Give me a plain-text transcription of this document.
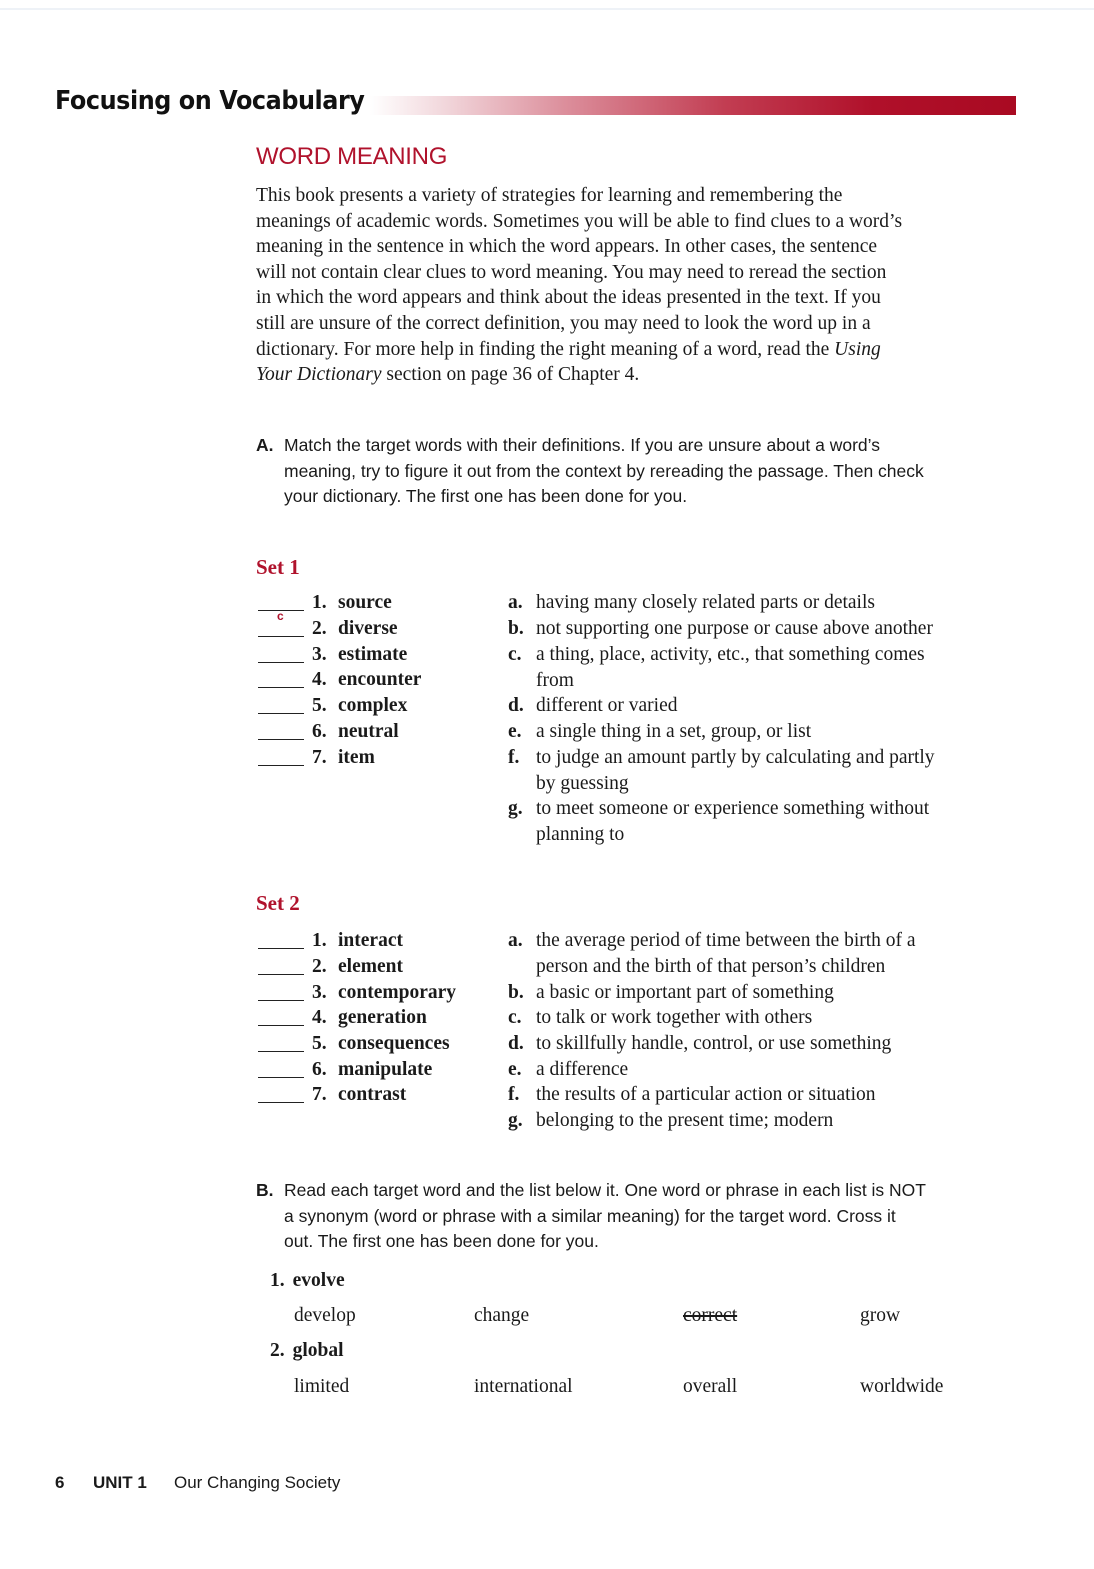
Focusing on Vocabulary
WORD MEANING

This book presents a variety of strategies for learning and remembering the

meanings of academic words. Sometimes you will be able to find clues to a word’s

meaning in the sentence in which the word appears. In other cases, the sentence

will not contain clear clues to word meaning. You may need to reread the section

in which the word appears and think about the ideas presented in the text. If you

still are unsure of the correct definition, you may need to look the word up in a

dictionary. For more help in finding the right meaning of a word, read the Using

Your Dictionary section on page 36 of Chapter 4.

A. Match the target words with their definitions. If you are unsure about a word’s
meaning, try to figure it out from the context by rereading the passage. Then check
your dictionary. The first one has been done for you.
Set 1
c
1. source
2. diverse
3. estimate
4. encounter
5. complex
6. neutral
7. item
a. having many closely related parts or details
b. not supporting one purpose or cause above another
c. a thing, place, activity, etc., that something comes
from
d. different or varied
e. a single thing in a set, group, or list
f. to judge an amount partly by calculating and partly
by guessing
g. to meet someone or experience something without
planning to
Set 2
1. interact
2. element
3. contemporary
4. generation
5. consequences
6. manipulate
7. contrast
a. the average period of time between the birth of a
person and the birth of that person’s children
b. a basic or important part of something
c. to talk or work together with others
d. to skillfully handle, control, or use something
e. a difference
f. the results of a particular action or situation
g. belonging to the present time; modern
B. Read each target word and the list below it. One word or phrase in each list is NOT
a synonym (word or phrase with a similar meaning) for the target word. Cross it
out. The first one has been done for you.
1. evolve
develop	change	correct	grow
2. global
limited	international	overall	worldwide
6 UNIT 1 Our Changing Society
